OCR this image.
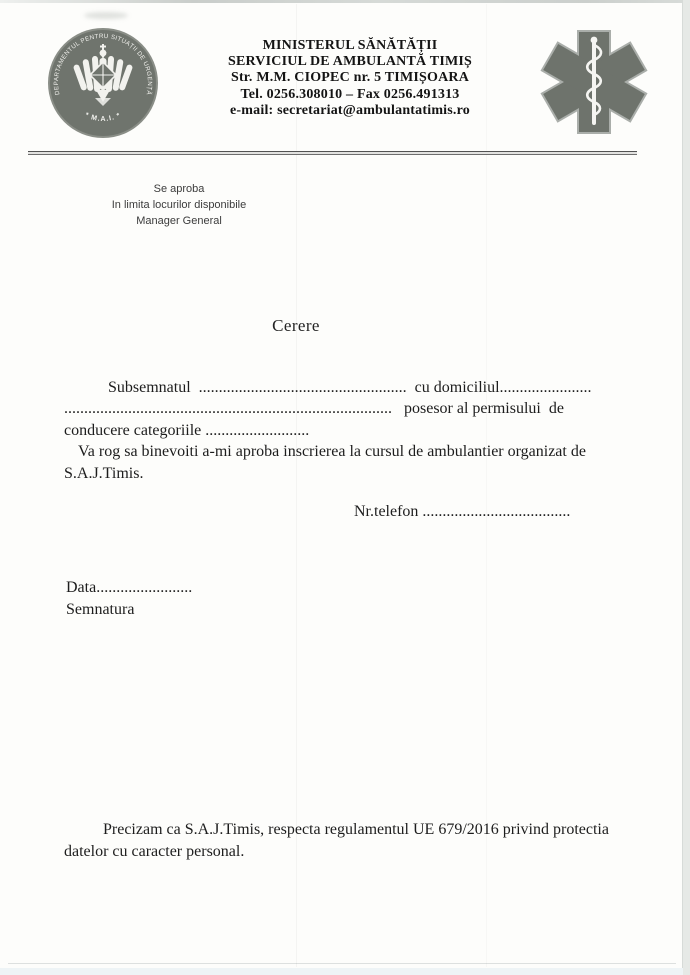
DEPARTAMENTUL PENTRU SITUAȚII DE URGENȚĂ
* M.A.I. *
MINISTERUL SĂNĂTĂȚII
SERVICIUL DE AMBULANTĂ TIMIȘ
Str. M.M. CIOPEC nr. 5 TIMIȘOARA
Tel. 0256.308010 – Fax 0256.491313
e-mail: secretariat@ambulantatimis.ro
Se aproba
In limita locurilor disponibile
Manager General
Cerere
Subsemnatul  ....................................................  cu domiciliul.......................
..................................................................................   posesor al permisului  de
conducere categoriile ..........................
Va rog sa binevoiti a-mi aproba inscrierea la cursul de ambulantier organizat de
S.A.J.Timis.
Nr.telefon .....................................
Data........................
Semnatura
Precizam ca S.A.J.Timis, respecta regulamentul UE 679/2016 privind protectia
datelor cu caracter personal.
